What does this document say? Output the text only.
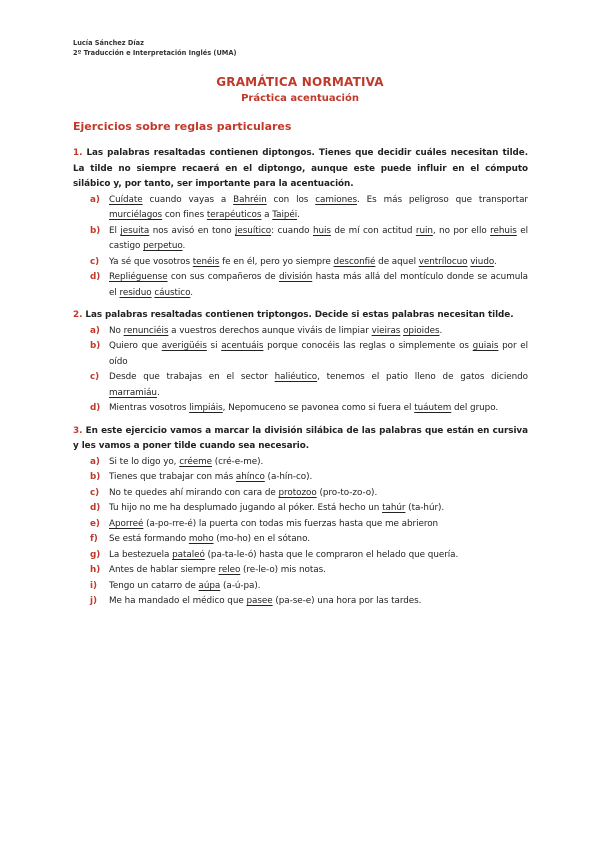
Lucía Sánchez Díaz
2º Traducción e Interpretación Inglés (UMA)
GRAMÁTICA NORMATIVA
Práctica acentuación
Ejercicios sobre reglas particulares
1. Las palabras resaltadas contienen diptongos. Tienes que decidir cuáles necesitan tilde. La tilde no siempre recaerá en el diptongo, aunque este puede influir en el cómputo silábico y, por tanto, ser importante para la acentuación.
a) Cuídate cuando vayas a Bahréin con los camiones. Es más peligroso que transportar murciélagos con fines terapéuticos a Taipéi.
b) El jesuita nos avisó en tono jesuítico: cuando huis de mí con actitud ruin, no por ello rehuis el castigo perpetuo.
c) Ya sé que vosotros tenéis fe en él, pero yo siempre desconfié de aquel ventrílocuo viudo.
d) Repliéguense con sus compañeros de división hasta más allá del montículo donde se acumula el residuo cáustico.
2. Las palabras resaltadas contienen triptongos. Decide si estas palabras necesitan tilde.
a) No renunciéis a vuestros derechos aunque viváis de limpiar vieiras opioides.
b) Quiero que averigüéis si acentuáis porque conocéis las reglas o simplemente os guiais por el oído
c) Desde que trabajas en el sector haliéutico, tenemos el patio lleno de gatos diciendo marramiáu.
d) Mientras vosotros limpiáis, Nepomuceno se pavonea como si fuera el tuáutem del grupo.
3. En este ejercicio vamos a marcar la división silábica de las palabras que están en cursiva y les vamos a poner tilde cuando sea necesario.
a) Si te lo digo yo, créeme (cré-e-me).
b) Tienes que trabajar con más ahínco (a-hín-co).
c) No te quedes ahí mirando con cara de protozoo (pro-to-zo-o).
d) Tu hijo no me ha desplumado jugando al póker. Está hecho un tahúr (ta-húr).
e) Aporreé (a-po-rre-é) la puerta con todas mis fuerzas hasta que me abrieron
f) Se está formando moho (mo-ho) en el sótano.
g) La bestezuela pataleó (pa-ta-le-ó) hasta que le compraron el helado que quería.
h) Antes de hablar siempre releo (re-le-o) mis notas.
i) Tengo un catarro de aúpa (a-ú-pa).
j) Me ha mandado el médico que pasee (pa-se-e) una hora por las tardes.
